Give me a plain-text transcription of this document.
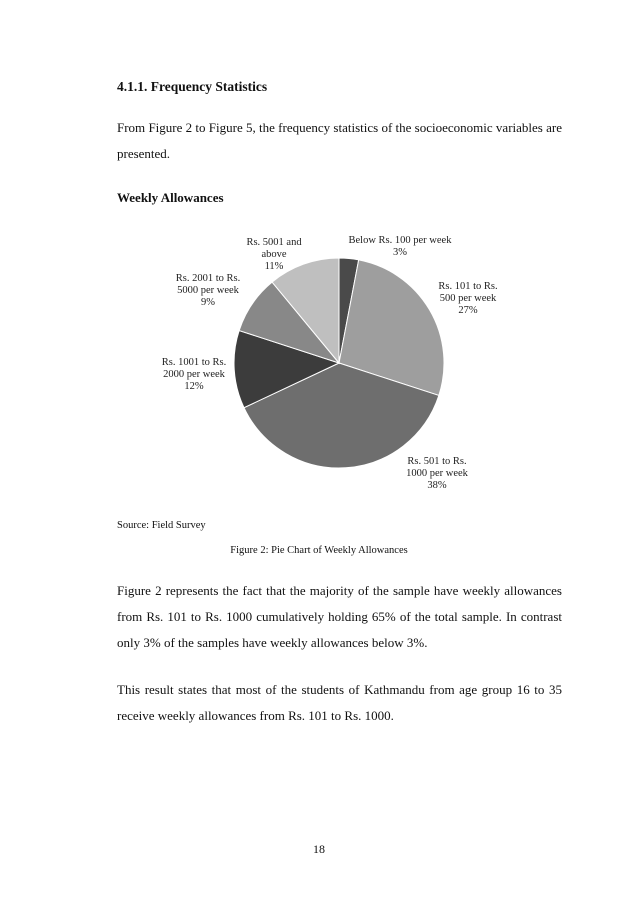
4.1.1. Frequency Statistics
From Figure 2 to Figure 5, the frequency statistics of the socioeconomic variables are presented.
Weekly Allowances
Below Rs. 100 per week 3%
Rs. 101 to Rs. 500 per week 27%
Rs. 501 to Rs. 1000 per week 38%
Rs. 1001 to Rs. 2000 per week 12%
Rs. 2001 to Rs. 5000 per week 9%
Rs. 5001 and above 11%
Source: Field Survey
Figure 2: Pie Chart of Weekly Allowances
Figure 2 represents the fact that the majority of the sample have weekly allowances from Rs. 101 to Rs. 1000 cumulatively holding 65% of the total sample. In contrast only 3% of the samples have weekly allowances below 3%.
This result states that most of the students of Kathmandu from age group 16 to 35 receive weekly allowances from Rs. 101 to Rs. 1000.
18
